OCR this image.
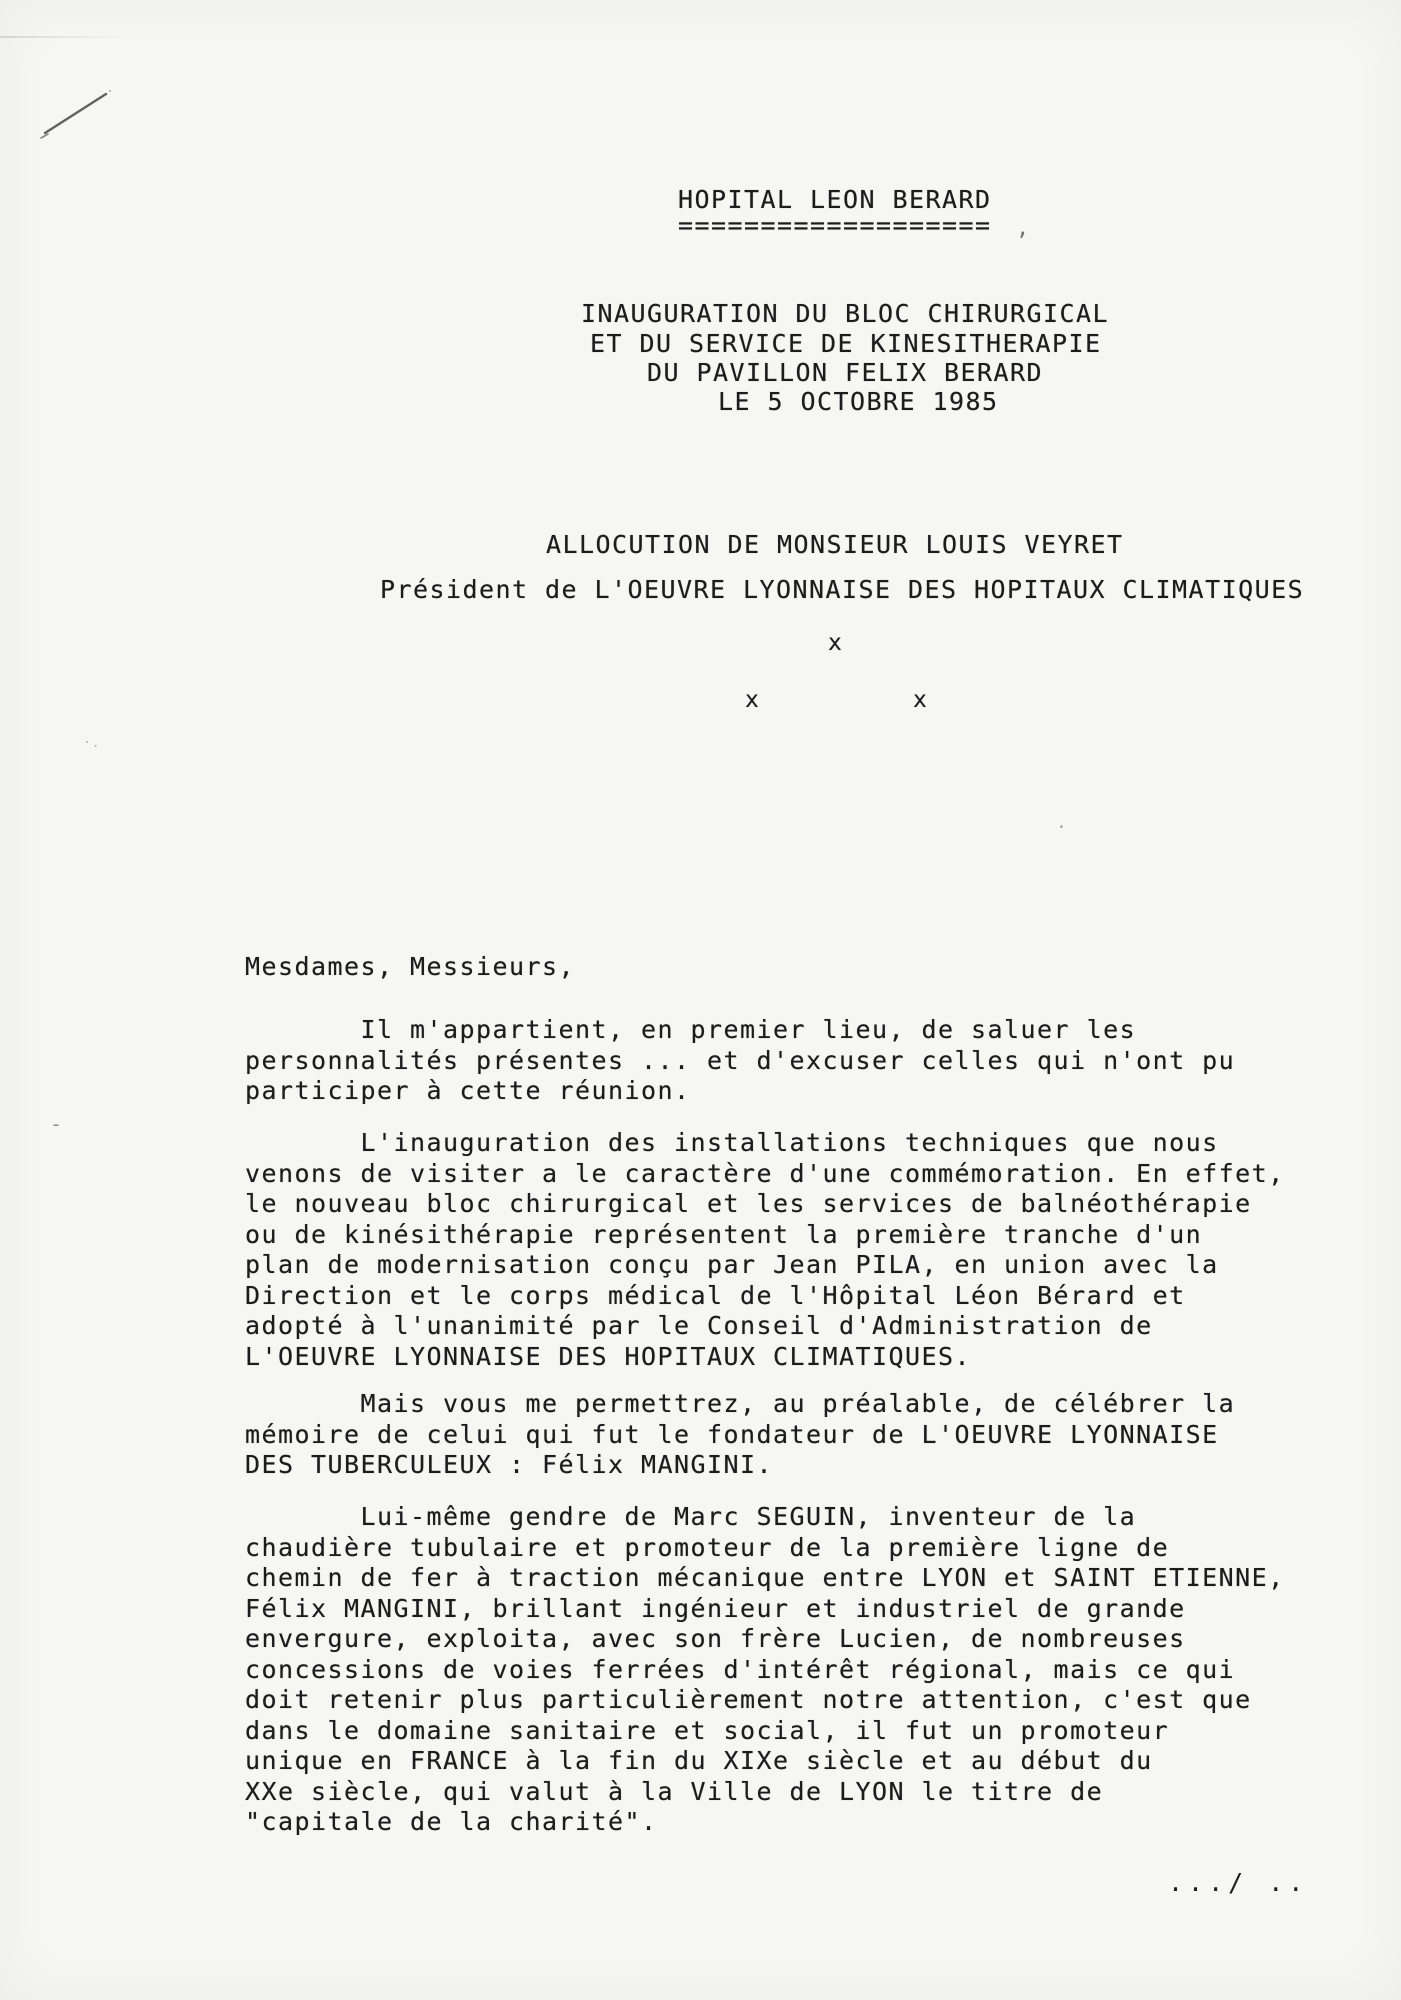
HOPITAL LEON BERARD
=================== ,
INAUGURATION DU BLOC CHIRURGICAL
ET DU SERVICE DE KINESITHERAPIE
DU PAVILLON FELIX BERARD
LE 5 OCTOBRE 1985
ALLOCUTION DE MONSIEUR LOUIS VEYRET
Président de L'OEUVRE LYONNAISE DES HOPITAUX CLIMATIQUES
x
x	x
Mesdames, Messieurs,
Il m'appartient, en premier lieu, de saluer les
personnalités présentes ... et d'excuser celles qui n'ont pu
participer à cette réunion.
L'inauguration des installations techniques que nous
venons de visiter a le caractère d'une commémoration. En effet,
le nouveau bloc chirurgical et les services de balnéothérapie
ou de kinésithérapie représentent la première tranche d'un
plan de modernisation conçu par Jean PILA, en union avec la
Direction et le corps médical de l'Hôpital Léon Bérard et
adopté à l'unanimité par le Conseil d'Administration de
L'OEUVRE LYONNAISE DES HOPITAUX CLIMATIQUES.
Mais vous me permettrez, au préalable, de célébrer la
mémoire de celui qui fut le fondateur de L'OEUVRE LYONNAISE
DES TUBERCULEUX : Félix MANGINI.
Lui-même gendre de Marc SEGUIN, inventeur de la
chaudière tubulaire et promoteur de la première ligne de
chemin de fer à traction mécanique entre LYON et SAINT ETIENNE,
Félix MANGINI, brillant ingénieur et industriel de grande
envergure, exploita, avec son frère Lucien, de nombreuses
concessions de voies ferrées d'intérêt régional, mais ce qui
doit retenir plus particulièrement notre attention, c'est que
dans le domaine sanitaire et social, il fut un promoteur
unique en FRANCE à la fin du XIXe siècle et au début du
XXe siècle, qui valut à la Ville de LYON le titre de
"capitale de la charité".
.../ ..
-
.
·.
